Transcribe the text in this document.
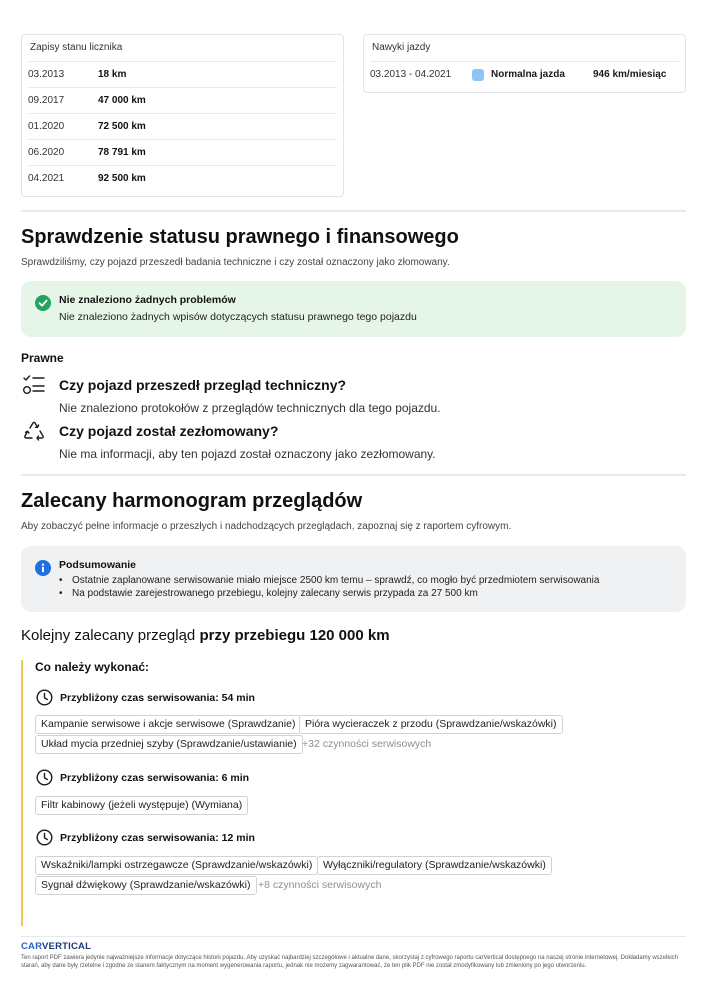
Zapisy stanu licznika
03.2013	18 km
09.2017	47 000 km
01.2020	72 500 km
06.2020	78 791 km
04.2021	92 500 km
Nawyki jazdy
03.2013 - 04.2021	Normalna jazda	946 km/miesiąc
Sprawdzenie statusu prawnego i finansowego
Sprawdziliśmy, czy pojazd przeszedł badania techniczne i czy został oznaczony jako złomowany.
Nie znaleziono żadnych problemów
Nie znaleziono żadnych wpisów dotyczących statusu prawnego tego pojazdu
Prawne
Czy pojazd przeszedł przegląd techniczny?
Nie znaleziono protokołów z przeglądów technicznych dla tego pojazdu.
Czy pojazd został zezłomowany?
Nie ma informacji, aby ten pojazd został oznaczony jako zezłomowany.
Zalecany harmonogram przeglądów
Aby zobaczyć pełne informacje o przeszłych i nadchodzących przeglądach, zapoznaj się z raportem cyfrowym.
Podsumowanie
• Ostatnie zaplanowane serwisowanie miało miejsce 2500 km temu – sprawdź, co mogło być przedmiotem serwisowania
• Na podstawie zarejestrowanego przebiegu, kolejny zalecany serwis przypada za 27 500 km
Kolejny zalecany przegląd przy przebiegu 120 000 km
Co należy wykonać:
Przybliżony czas serwisowania: 54 min
Kampanie serwisowe i akcje serwisowe (Sprawdzanie) Pióra wycieraczek z przodu (Sprawdzanie/wskazówki)
Układ mycia przedniej szyby (Sprawdzanie/ustawianie) +32 czynności serwisowych
Przybliżony czas serwisowania: 6 min
Filtr kabinowy (jeżeli występuje) (Wymiana)
Przybliżony czas serwisowania: 12 min
Wskaźniki/lampki ostrzegawcze (Sprawdzanie/wskazówki)	Wyłączniki/regulatory (Sprawdzanie/wskazówki)
Sygnał dźwiękowy (Sprawdzanie/wskazówki) +8 czynności serwisowych
CARVERTICAL
Ten raport PDF zawiera jedynie najważniejsze informacje dotyczące historii pojazdu. Aby uzyskać najbardziej szczegółowe i aktualne dane, skorzystaj z cyfrowego raportu carVertical dostępnego na naszej stronie internetowej. Dokładamy wszelkich starań, aby dane były rzetelne i zgodne ze stanem faktycznym na moment wygenerowania raportu, jednak nie możemy zagwarantować, że ten plik PDF nie został zmodyfikowany lub zmieniony po jego utworzeniu.
